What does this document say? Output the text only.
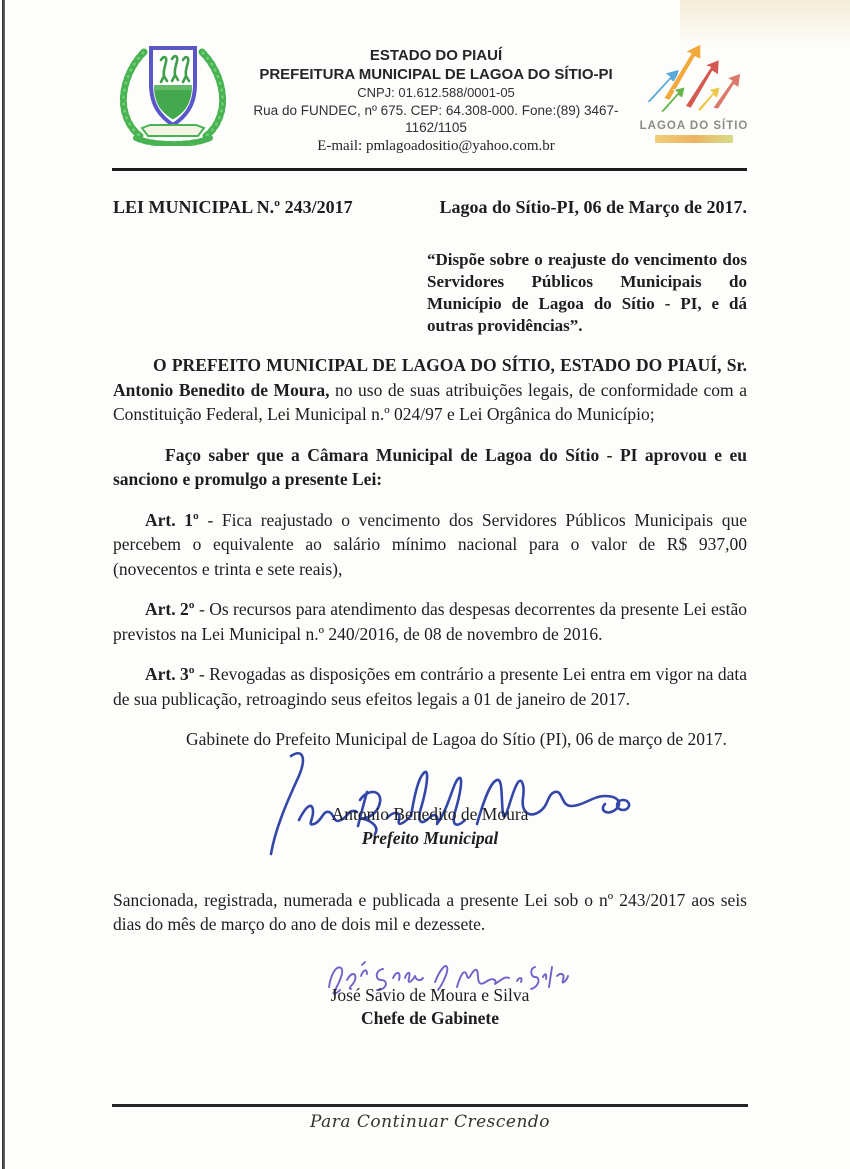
ESTADO DO PIAUÍ
PREFEITURA MUNICIPAL DE LAGOA DO SÍTIO-PI
CNPJ: 01.612.588/0001-05
Rua do FUNDEC, nº 675. CEP: 64.308-000. Fone:(89) 3467-1162/1105
E-mail: pmlagoadositio@yahoo.com.br
LAGOA DO SÍTIO
LEI MUNICIPAL N.º 243/2017	Lagoa do Sítio-PI, 06 de Março de 2017.

“Dispõe sobre o reajuste do vencimento dos Servidores Públicos Municipais do Município de Lagoa do Sítio - PI, e dá outras providências”.

O PREFEITO MUNICIPAL DE LAGOA DO SÍTIO, ESTADO DO PIAUÍ, Sr. Antonio Benedito de Moura, no uso de suas atribuições legais, de conformidade com a Constituição Federal, Lei Municipal n.º 024/97 e Lei Orgânica do Município;

Faço saber que a Câmara Municipal de Lagoa do Sítio - PI aprovou e eu sanciono e promulgo a presente Lei:

Art. 1º - Fica reajustado o vencimento dos Servidores Públicos Municipais que percebem o equivalente ao salário mínimo nacional para o valor de R$ 937,00 (novecentos e trinta e sete reais),

Art. 2º - Os recursos para atendimento das despesas decorrentes da presente Lei estão previstos na Lei Municipal n.º 240/2016, de 08 de novembro de 2016.

Art. 3º - Revogadas as disposições em contrário a presente Lei entra em vigor na data de sua publicação, retroagindo seus efeitos legais a 01 de janeiro de 2017.

Gabinete do Prefeito Municipal de Lagoa do Sítio (PI), 06 de março de 2017.

Antonio Benedito de Moura
Prefeito Municipal

Sancionada, registrada, numerada e publicada a presente Lei sob o nº 243/2017 aos seis dias do mês de março do ano de dois mil e dezessete.

José Sávio de Moura e Silva
Chefe de Gabinete
Para Continuar Crescendo
